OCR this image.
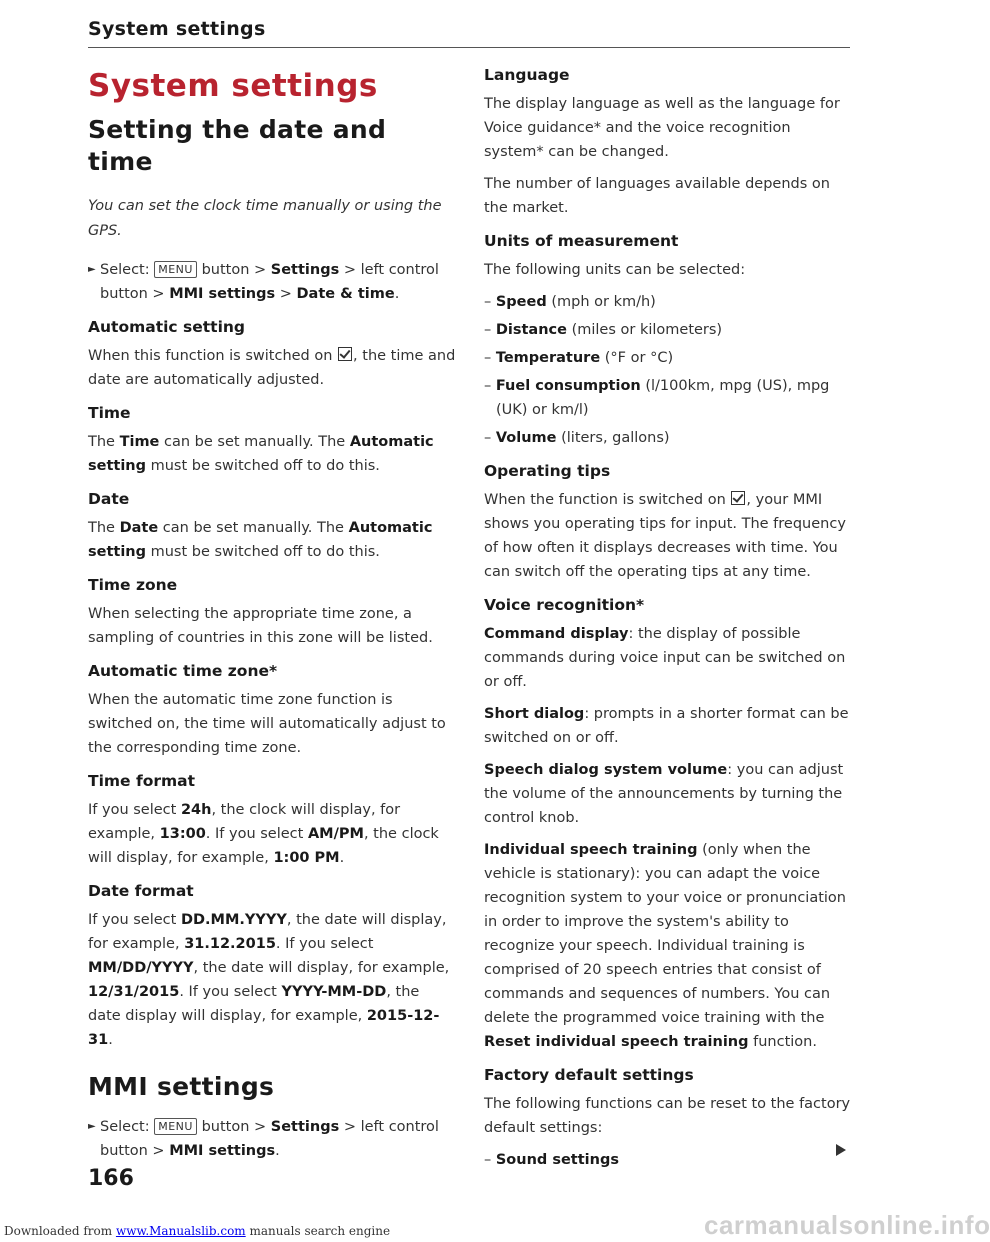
System settings
System settings
Setting the date and time
You can set the clock time manually or using the GPS.

► Select: MENU button > Settings > left control button > MMI settings > Date & time.

Automatic setting

When this function is switched on , the time and date are automatically adjusted.

Time

The Time can be set manually. The Automatic setting must be switched off to do this.

Date

The Date can be set manually. The Automatic setting must be switched off to do this.

Time zone

When selecting the appropriate time zone, a sampling of countries in this zone will be listed.

Automatic time zone*

When the automatic time zone function is switched on, the time will automatically adjust to the corresponding time zone.

Time format

If you select 24h, the clock will display, for example, 13:00. If you select AM/PM, the clock will display, for example, 1:00 PM.

Date format

If you select DD.MM.YYYY, the date will display, for example, 31.12.2015. If you select MM/DD/YYYY, the date will display, for example, 12/31/2015. If you select YYYY-MM-DD, the date display will display, for example, 2015-12-31.

MMI settings

► Select: MENU button > Settings > left control button > MMI settings.

Language

The display language as well as the language for Voice guidance* and the voice recognition system* can be changed.

The number of languages available depends on the market.

Units of measurement

The following units can be selected:

– Speed (mph or km/h)
– Distance (miles or kilometers)
– Temperature (°F or °C)
– Fuel consumption (l/100km, mpg (US), mpg (UK) or km/l)
– Volume (liters, gallons)
Operating tips

When the function is switched on , your MMI shows you operating tips for input. The frequency of how often it displays decreases with time. You can switch off the operating tips at any time.

Voice recognition*

Command display: the display of possible commands during voice input can be switched on or off.

Short dialog: prompts in a shorter format can be switched on or off.

Speech dialog system volume: you can adjust the volume of the announcements by turning the control knob.

Individual speech training (only when the vehicle is stationary): you can adapt the voice recognition system to your voice or pronunciation in order to improve the system's ability to recognize your speech. Individual training is comprised of 20 speech entries that consist of commands and sequences of numbers. You can delete the programmed voice training with the Reset individual speech training function.

Factory default settings

The following functions can be reset to the factory default settings:

– Sound settings
166
carmanualsonline.info
Downloaded from www.Manualslib.com manuals search engine
